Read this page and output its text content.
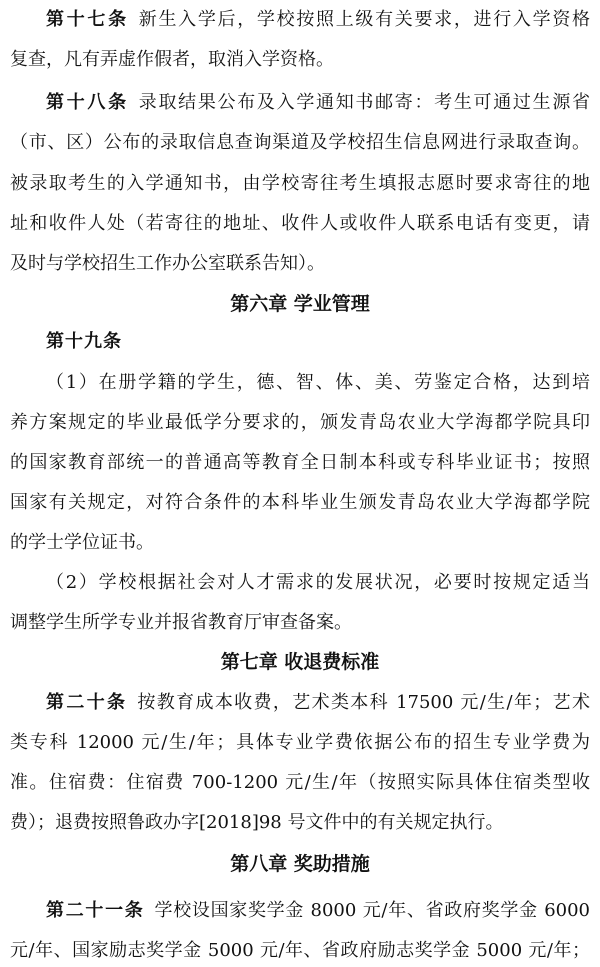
第十七条 新生入学后，学校按照上级有关要求，进行入学资格
复查，凡有弄虚作假者，取消入学资格。
第十八条 录取结果公布及入学通知书邮寄：考生可通过生源省
（市、区）公布的录取信息查询渠道及学校招生信息网进行录取查询。
被录取考生的入学通知书，由学校寄往考生填报志愿时要求寄往的地
址和收件人处（若寄往的地址、收件人或收件人联系电话有变更，请
及时与学校招生工作办公室联系告知）。
第六章 学业管理
第十九条
（1）在册学籍的学生，德、智、体、美、劳鉴定合格，达到培
养方案规定的毕业最低学分要求的，颁发青岛农业大学海都学院具印
的国家教育部统一的普通高等教育全日制本科或专科毕业证书；按照
国家有关规定，对符合条件的本科毕业生颁发青岛农业大学海都学院
的学士学位证书。
（2）学校根据社会对人才需求的发展状况，必要时按规定适当
调整学生所学专业并报省教育厅审查备案。
第七章 收退费标准
第二十条 按教育成本收费，艺术类本科 17500 元/生/年；艺术
类专科 12000 元/生/年；具体专业学费依据公布的招生专业学费为
准。住宿费：住宿费 700-1200 元/生/年（按照实际具体住宿类型收
费）；退费按照鲁政办字[2018]98 号文件中的有关规定执行。
第八章 奖助措施
第二十一条 学校设国家奖学金 8000 元/年、省政府奖学金 6000
元/年、国家励志奖学金 5000 元/年、省政府励志奖学金 5000 元/年；
